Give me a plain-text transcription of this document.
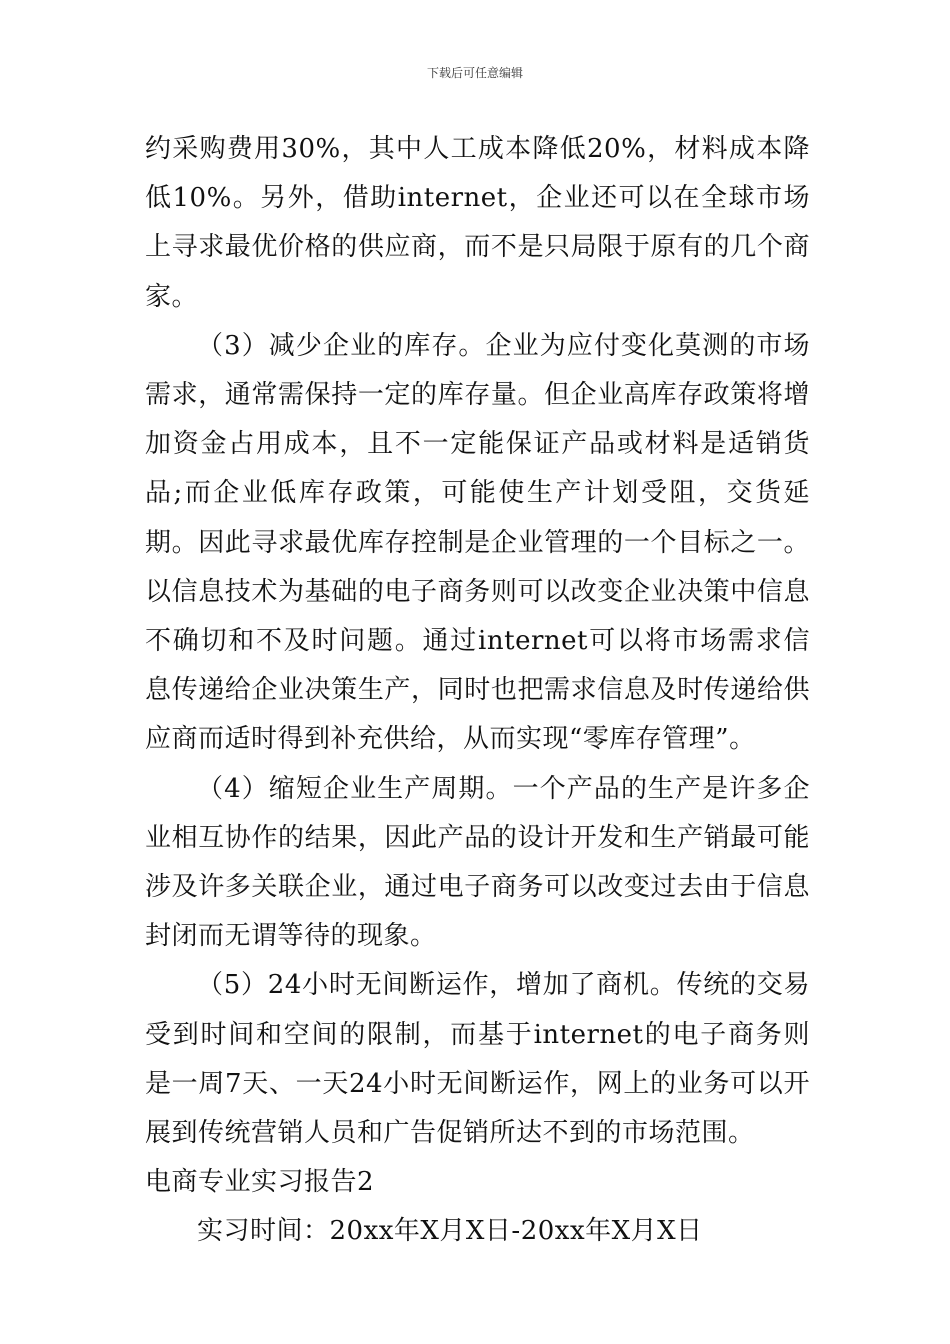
下载后可任意编辑

约采购费用30%，其中人工成本降低20%，材料成本降低10%。另外，借助internet，企业还可以在全球市场上寻求最优价格的供应商，而不是只局限于原有的几个商家。

（3）减少企业的库存。企业为应付变化莫测的市场需求，通常需保持一定的库存量。但企业高库存政策将增加资金占用成本，且不一定能保证产品或材料是适销货品;而企业低库存政策，可能使生产计划受阻，交货延期。因此寻求最优库存控制是企业管理的一个目标之一。以信息技术为基础的电子商务则可以改变企业决策中信息不确切和不及时问题。通过internet可以将市场需求信息传递给企业决策生产，同时也把需求信息及时传递给供应商而适时得到补充供给，从而实现“零库存管理”。

（4）缩短企业生产周期。一个产品的生产是许多企业相互协作的结果，因此产品的设计开发和生产销最可能涉及许多关联企业，通过电子商务可以改变过去由于信息封闭而无谓等待的现象。

（5）24小时无间断运作，增加了商机。传统的交易受到时间和空间的限制，而基于internet的电子商务则是一周7天、一天24小时无间断运作，网上的业务可以开展到传统营销人员和广告促销所达不到的市场范围。

电商专业实习报告2

实习时间：20xx年X月X日-20xx年X月X日
